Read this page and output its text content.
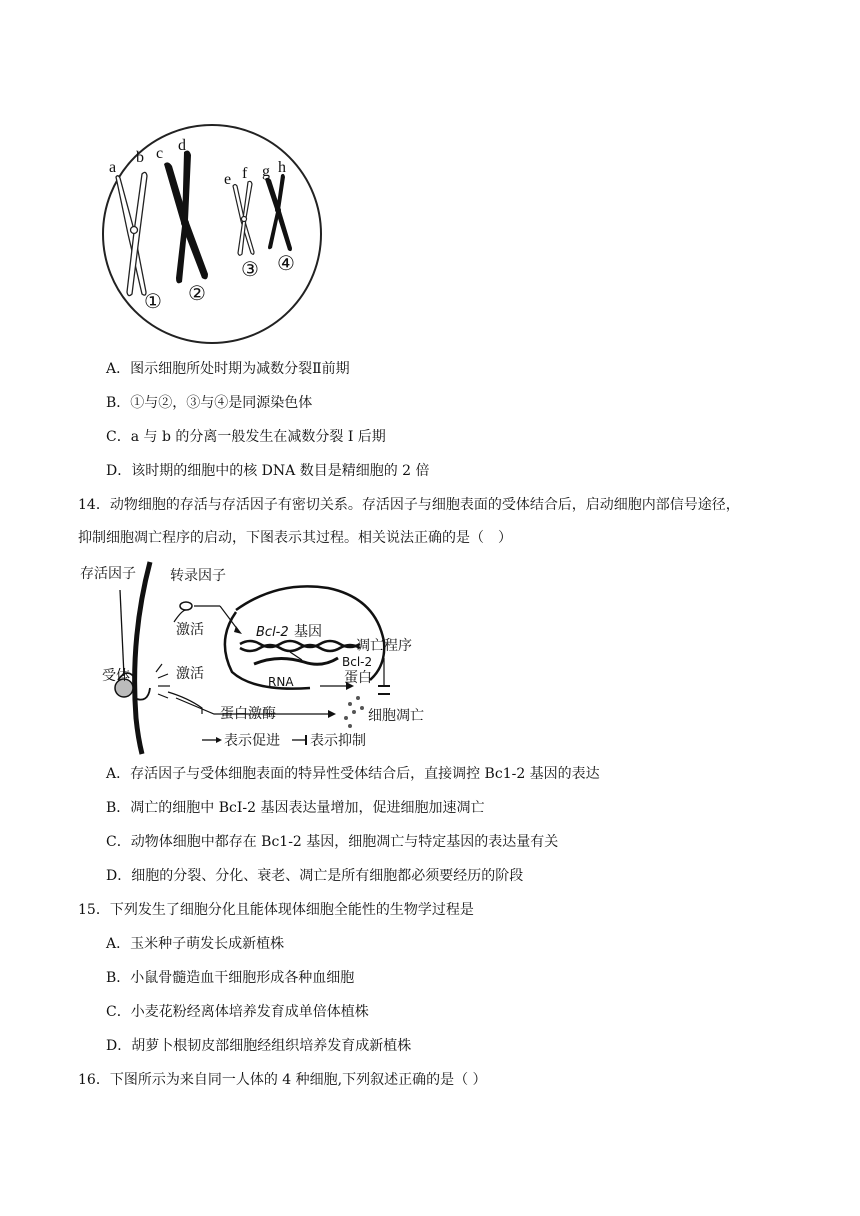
a
b c d
e f g h
① ②
③ ④
A．图示细胞所处时期为减数分裂Ⅱ前期
B．①与②，③与④是同源染色体
C．a 与 b 的分离一般发生在减数分裂 I 后期
D．该时期的细胞中的核 DNA 数目是精细胞的 2 倍
14．动物细胞的存活与存活因子有密切关系。存活因子与细胞表面的受体结合后，启动细胞内部信号途径，
抑制细胞凋亡程序的启动，下图表示其过程。相关说法正确的是（　）
存活因子 转录因子
激活
激活
受体
Bcl-2 基因
RNA
凋亡程序
Bcl-2
蛋白
蛋白激酶	细胞凋亡
表示促进 表示抑制
A．存活因子与受体细胞表面的特异性受体结合后，直接调控 Bc1-2 基因的表达
B．凋亡的细胞中 BcI-2 基因表达量增加，促进细胞加速凋亡
C．动物体细胞中都存在 Bc1-2 基因，细胞凋亡与特定基因的表达量有关
D．细胞的分裂、分化、衰老、凋亡是所有细胞都必须要经历的阶段
15．下列发生了细胞分化且能体现体细胞全能性的生物学过程是
A．玉米种子萌发长成新植株
B．小鼠骨髓造血干细胞形成各种血细胞
C．小麦花粉经离体培养发育成单倍体植株
D．胡萝卜根韧皮部细胞经组织培养发育成新植株
16．下图所示为来自同一人体的 4 种细胞,下列叙述正确的是（ ）
